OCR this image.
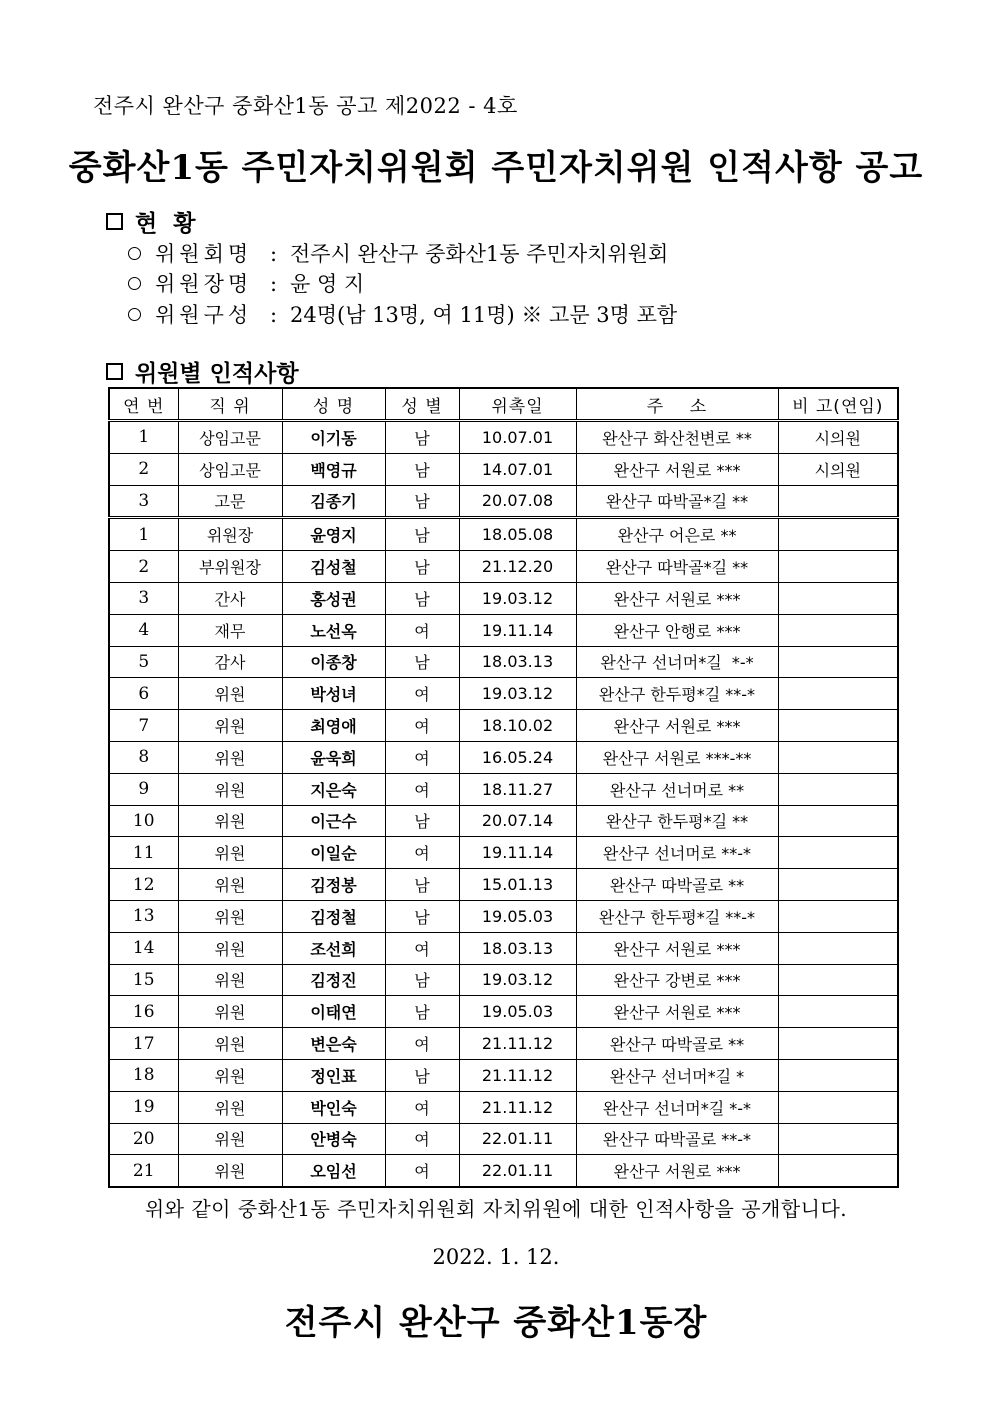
전주시 완산구 중화산1동 공고 제2022 - 4호
중화산1동 주민자치위원회 주민자치위원 인적사항 공고
현  황
위원회명 : 전주시 완산구 중화산1동 주민자치위원회
위원장명 : 윤 영 지
위원구성 : 24명(남 13명, 여 11명) ※ 고문 3명 포함
위원별 인적사항
연 번	직 위	성 명	성 별	위촉일	주    소	비 고(연임)
1	상임고문	이기동	남	10.07.01	완산구 화산천변로 **	시의원
2	상임고문	백영규	남	14.07.01	완산구 서원로 ***	시의원
3	고문	김종기	남	20.07.08	완산구 따박골*길 **	
1	위원장	윤영지	남	18.05.08	완산구 어은로 **	
2	부위원장	김성철	남	21.12.20	완산구 따박골*길 **	
3	간사	홍성권	남	19.03.12	완산구 서원로 ***	
4	재무	노선옥	여	19.11.14	완산구 안행로 ***	
5	감사	이종창	남	18.03.13	완산구 선너머*길  *-*	
6	위원	박성녀	여	19.03.12	완산구 한두평*길 **-*	
7	위원	최영애	여	18.10.02	완산구 서원로 ***	
8	위원	윤욱희	여	16.05.24	완산구 서원로 ***-**	
9	위원	지은숙	여	18.11.27	완산구 선너머로 **	
10	위원	이근수	남	20.07.14	완산구 한두평*길 **	
11	위원	이일순	여	19.11.14	완산구 선너머로 **-*	
12	위원	김정봉	남	15.01.13	완산구 따박골로 **	
13	위원	김정철	남	19.05.03	완산구 한두평*길 **-*	
14	위원	조선희	여	18.03.13	완산구 서원로 ***	
15	위원	김정진	남	19.03.12	완산구 강변로 ***	
16	위원	이태연	남	19.05.03	완산구 서원로 ***	
17	위원	변은숙	여	21.11.12	완산구 따박골로 **	
18	위원	정인표	남	21.11.12	완산구 선너머*길 *	
19	위원	박인숙	여	21.11.12	완산구 선너머*길 *-*	
20	위원	안병숙	여	22.01.11	완산구 따박골로 **-*	
21	위원	오임선	여	22.01.11	완산구 서원로 ***	
위와 같이 중화산1동 주민자치위원회 자치위원에 대한 인적사항을 공개합니다.
2022. 1. 12.
전주시 완산구 중화산1동장
